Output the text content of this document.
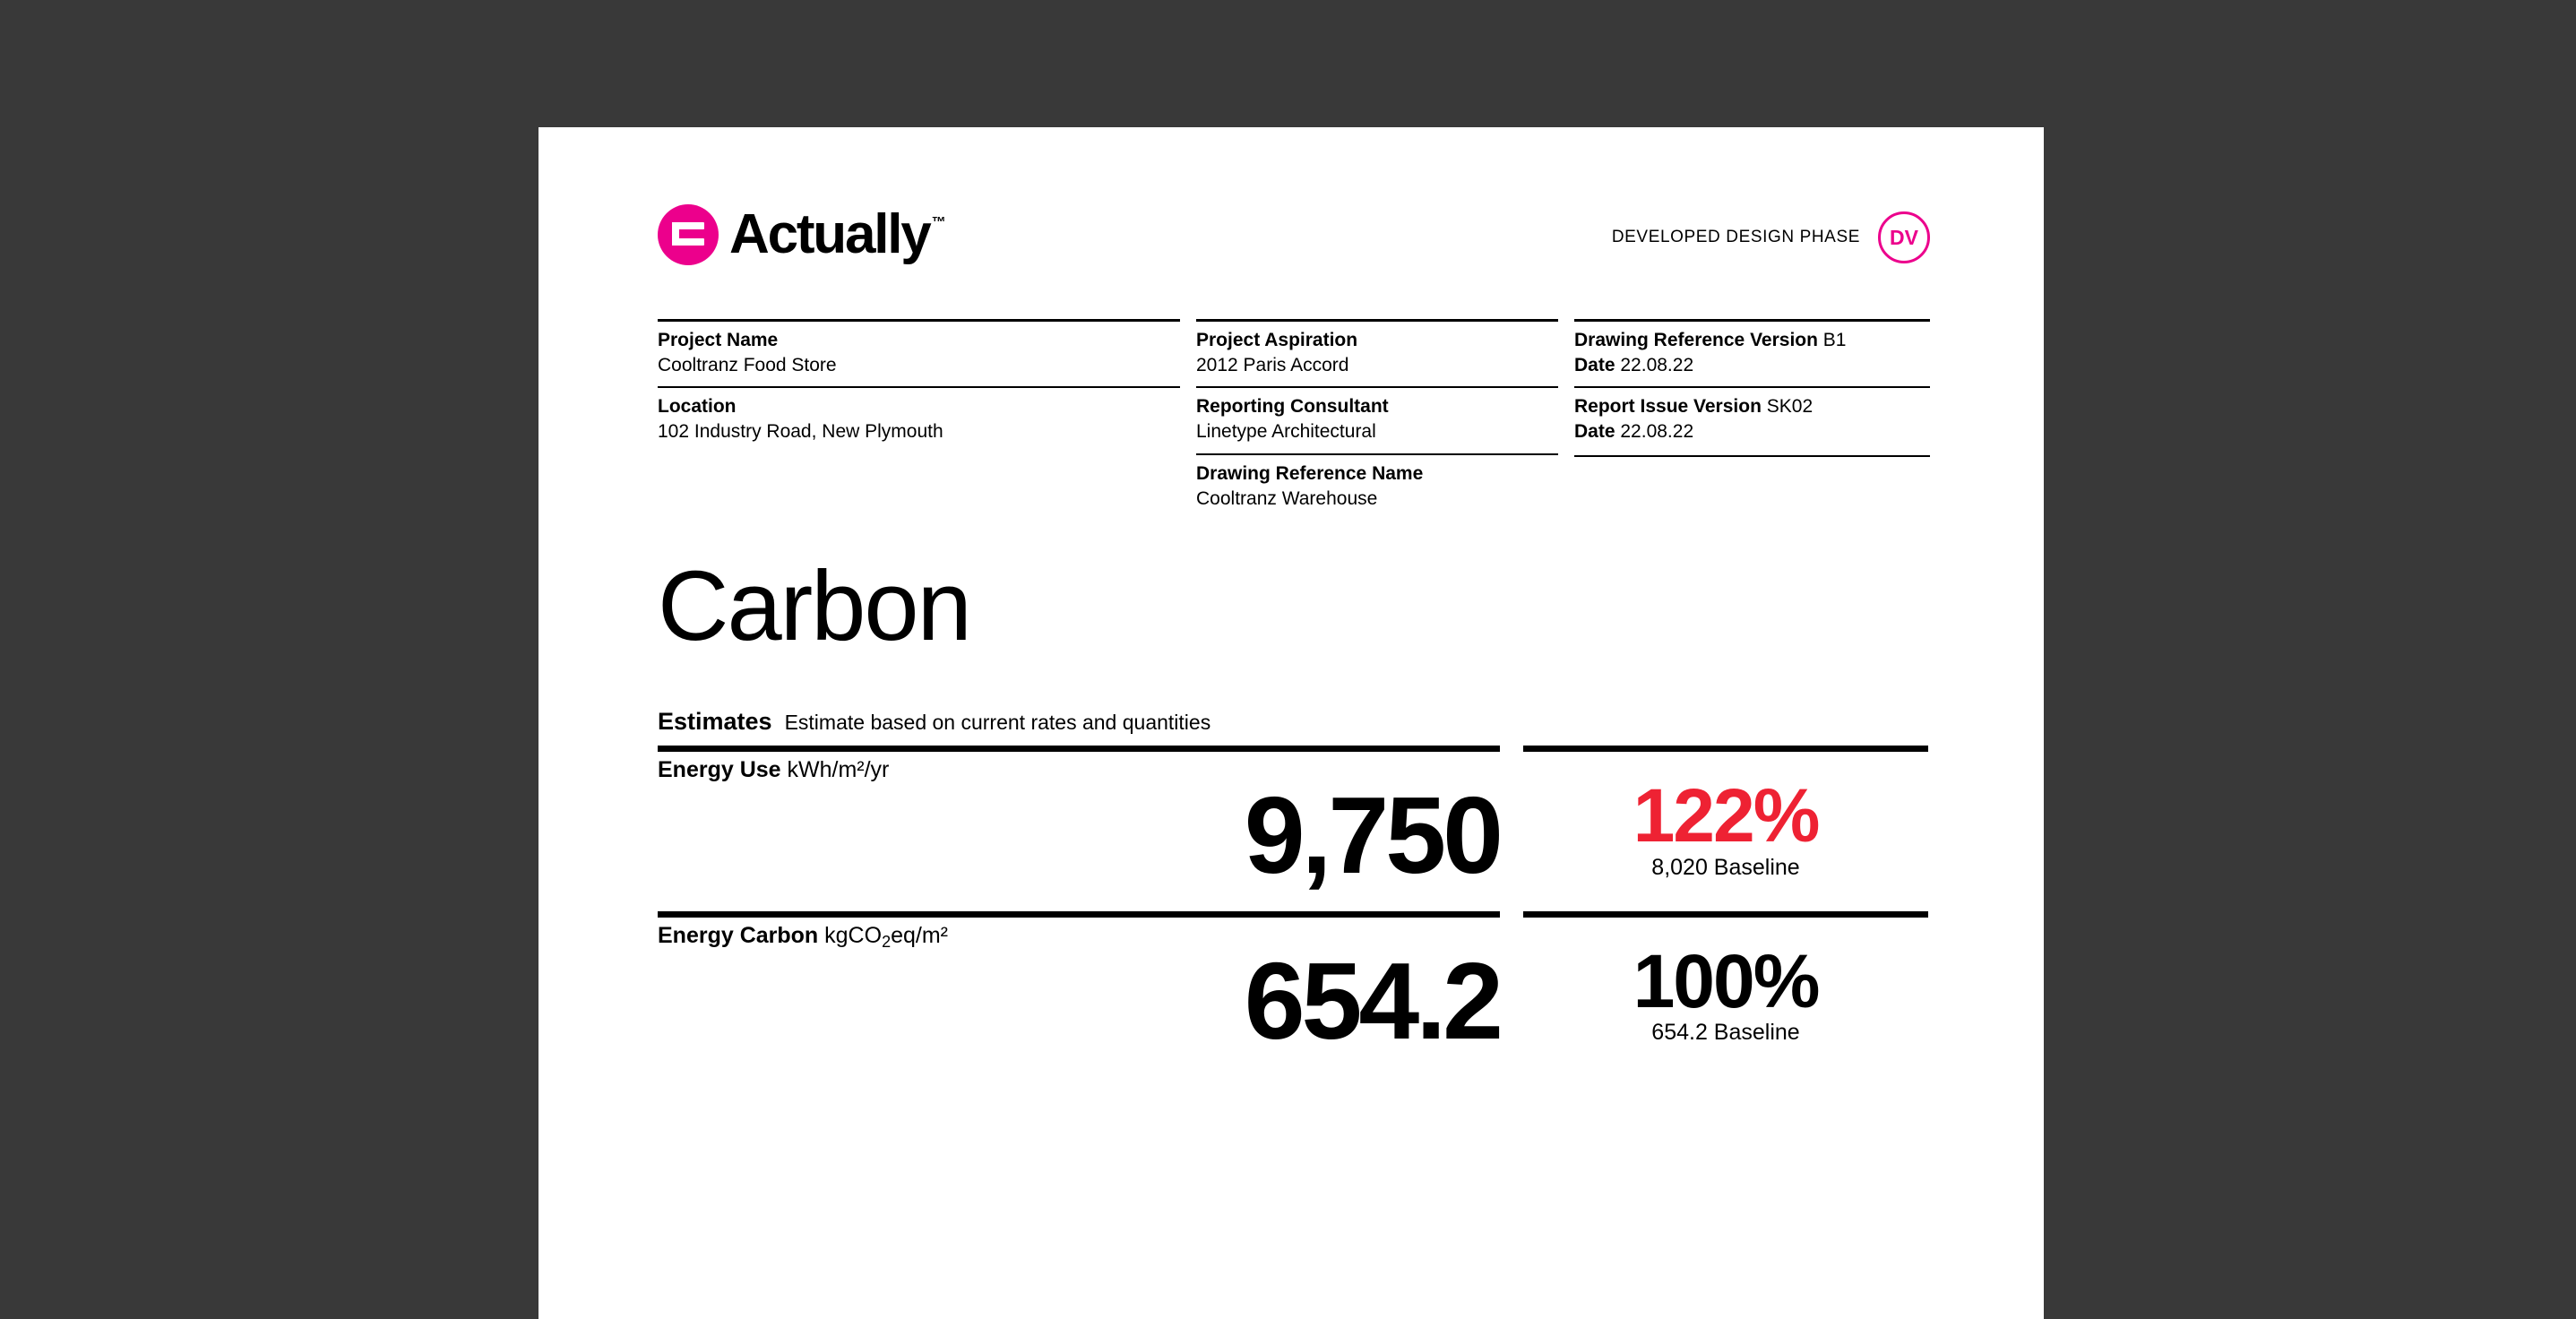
Actually ™
DEVELOPED DESIGN PHASE	DV
Project Name
Cooltranz Food Store
Location
102 Industry Road, New Plymouth
Project Aspiration
2012 Paris Accord
Reporting Consultant
Linetype Architectural
Drawing Reference Name
Cooltranz Warehouse
Drawing Reference Version B1
Date 22.08.22
Report Issue Version SK02
Date 22.08.22

Carbon
Estimates Estimate based on current rates and quantities
Energy Use kWh/m²/yr
9,750	122%
8,020 Baseline
Energy Carbon kgCO$_2$eq/m²
654.2	100%
654.2 Baseline
